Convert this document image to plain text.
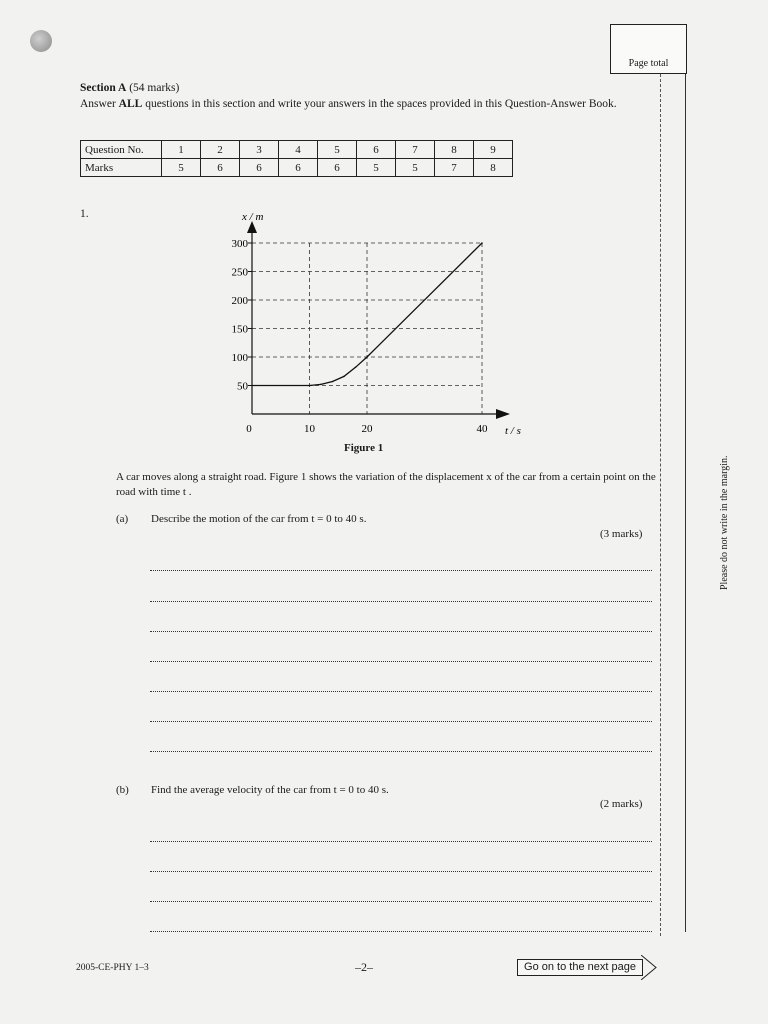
Page total
Please do not write in the margin.
Section A (54 marks)
Answer ALL questions in this section and write your answers in the spaces provided in this Question-Answer Book.
Question No.	1	2	3	4	5	6	7	8	9
Marks	5	6	6	6	6	5	5	7	8
1.
50
100
150
200
250
300
0	10	20	40
x / m
t / s
Figure 1
A car moves along a straight road. Figure 1 shows the variation of the displacement x of the car from a certain point on the road with time t .
(a) Describe the motion of the car from t = 0 to 40 s.
(3 marks)
(b) Find the average velocity of the car from t = 0 to 40 s.
(2 marks)
2005-CE-PHY 1–3	–2–	Go on to the next page
